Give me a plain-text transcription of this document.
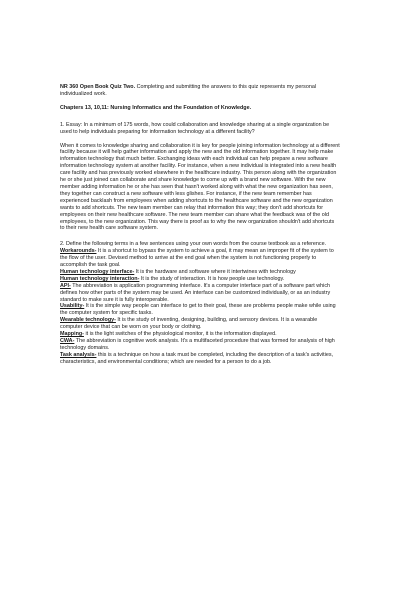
NR 360 Open Book Quiz Two. Completing and submitting the answers to this quiz represents my personal individualized work.

Chapters 13, 10,11: Nursing Informatics and the Foundation of Knowledge.

1. Essay: In a minimum of 175 words, how could collaboration and knowledge sharing at a single organization be used to help individuals preparing for information technology at a different facility?

When it comes to knowledge sharing and collaboration it is key for people joining information technology at a different facility because it will help gather information and apply the new and the old information together. It may help make information technology that much better. Exchanging ideas with each individual can help prepare a new software information technology system at another facility. For instance, when a new individual is integrated into a new health care facility and has previously worked elsewhere in the healthcare industry. This person along with the organization he or she just joined can collaborate and share knowledge to come up with a brand new software. With the new member adding information he or she has seen that hasn't worked along with what the new organization has seen, they together can construct a new software with less glishes. For instance, if the new team remember has experienced backlash from employees when adding shortcuts to the healthcare software and the new organization wants to add shortcuts. The new team member can relay that information this way; they don't add shortcuts for employees on their new healthcare software. The new team member can share what the feedback was of the old employees, to the new organization. This way there is proof as to why the new organization shouldn't add shortcuts to their new health care software system.

2. Define the following terms in a few sentences using your own words from the course textbook as a reference.

Workarounds- It is a shortcut to bypass the system to achieve a goal, it may mean an improper fit of the system to the flow of the user. Devised method to arrive at the end goal when the system is not functioning properly to accomplish the task goal.

Human technology interface- It is the hardware and software where it intertwines with technology

Human technology interaction- It is the study of interaction. It is how people use technology.

API- The abbreviation is application programming interface. It's a computer interface part of a software part which defines how other parts of the system may be used. An interface can be customized individually, or as an industry standard to make sure it is fully interoperable.

Usability- It is the simple way people can interface to get to their goal, these are problems people make while using the computer system for specific tasks.

Wearable technology- It is the study of inventing, designing, building, and sensory devices. It is a wearable computer device that can be worn on your body or clothing.

Mapping- it is the light switches of the physiological monitor, it is the information displayed.

CWA- The abbreviation is cognitive work analysis. It's a multifaceted procedure that was formed for analysis of high technology domains.

Task analysis- this is a technique on how a task must be completed, including the description of a task's activities, characteristics, and environmental conditions; which are needed for a person to do a job.
